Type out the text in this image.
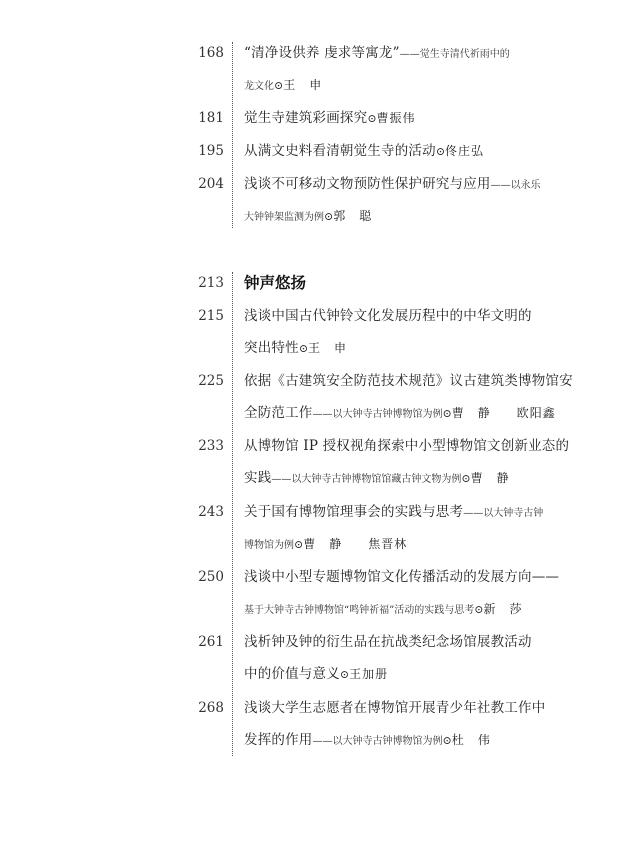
168 “清净设供养 虔求等寓龙”——觉生寺清代祈雨中的
龙文化⊙王　申
181 觉生寺建筑彩画探究⊙曹振伟
195 从满文史料看清朝觉生寺的活动⊙佟庄弘
204 浅谈不可移动文物预防性保护研究与应用——以永乐
大钟钟架监测为例⊙郭　聪
213 钟声悠扬
215 浅谈中国古代钟铃文化发展历程中的中华文明的
突出特性⊙王　申
225 依据《古建筑安全防范技术规范》议古建筑类博物馆安
全防范工作——以大钟寺古钟博物馆为例⊙曹　静　　欧阳鑫
233 从博物馆 IP 授权视角探索中小型博物馆文创新业态的
实践——以大钟寺古钟博物馆馆藏古钟文物为例⊙曹　静
243 关于国有博物馆理事会的实践与思考——以大钟寺古钟
博物馆为例⊙曹　静　　焦晋林
250 浅谈中小型专题博物馆文化传播活动的发展方向——
基于大钟寺古钟博物馆“鸣钟祈福”活动的实践与思考⊙新　莎
261 浅析钟及钟的衍生品在抗战类纪念场馆展教活动
中的价值与意义⊙王加册
268 浅谈大学生志愿者在博物馆开展青少年社教工作中
发挥的作用——以大钟寺古钟博物馆为例⊙杜　伟
